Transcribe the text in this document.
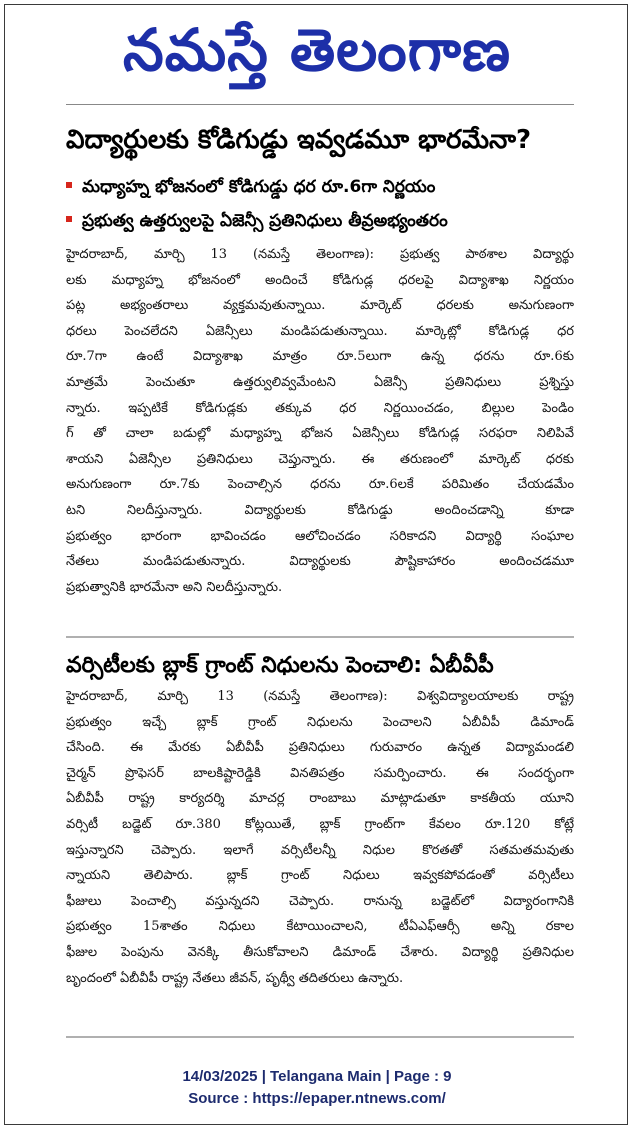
నమస్తే తెలంగాణ
విద్యార్థులకు కోడిగుడ్డు ఇవ్వడమూ భారమేనా?
మధ్యాహ్న భోజనంలో కోడిగుడ్డు ధర రూ.6గా నిర్ణయం
ప్రభుత్వ ఉత్తర్వులపై ఏజెన్సీ ప్రతినిధులు తీవ్రఅభ్యంతరం
హైదరాబాద్, మార్చి 13 (నమస్తే తెలంగాణ): ప్రభుత్వ పాఠశాల విద్యార్థు
లకు మధ్యాహ్న భోజనంలో అందించే కోడిగుడ్ల ధరలపై విద్యాశాఖ నిర్ణయం
పట్ల అభ్యంతరాలు వ్యక్తమవుతున్నాయి. మార్కెట్ ధరలకు అనుగుణంగా
ధరలు పెంచలేదని ఏజెన్సీలు మండిపడుతున్నాయి. మార్కెట్లో కోడిగుడ్ల ధర
రూ.7గా ఉంటే విద్యాశాఖ మాత్రం రూ.5లుగా ఉన్న ధరను రూ.6కు
మాత్రమే పెంచుతూ ఉత్తర్వులివ్వమేంటని ఏజెన్సీ ప్రతినిధులు ప్రశ్నిస్తు
న్నారు. ఇప్పటికే కోడిగుడ్లకు తక్కువ ధర నిర్ణయించడం, బిల్లుల పెండిం
గ్ తో చాలా బడుల్లో మధ్యాహ్న భోజన ఏజెన్సీలు కోడిగుడ్ల సరఫరా నిలిపివే
శాయని ఏజెన్సీల ప్రతినిధులు చెప్తున్నారు. ఈ తరుణంలో మార్కెట్ ధరకు
అనుగుణంగా రూ.7కు పెంచాల్సిన ధరను రూ.6లకే పరిమితం చేయడమేం
టని నిలదీస్తున్నారు. విద్యార్థులకు కోడిగుడ్డు అందించడాన్ని కూడా
ప్రభుత్వం భారంగా భావించడం ఆలోచించడం సరికాదని విద్యార్థి సంఘాల
నేతలు మండిపడుతున్నారు. విద్యార్థులకు పౌష్టికాహారం అందించడమూ
ప్రభుత్వానికి భారమేనా అని నిలదీస్తున్నారు.
వర్సిటీలకు బ్లాక్ గ్రాంట్ నిధులను పెంచాలి: ఏబీవీపీ
హైదరాబాద్, మార్చి 13 (నమస్తే తెలంగాణ): విశ్వవిద్యాలయాలకు రాష్ట్ర
ప్రభుత్వం ఇచ్చే బ్లాక్ గ్రాంట్ నిధులను పెంచాలని ఏబీవీపీ డిమాండ్
చేసింది. ఈ మేరకు ఏబీవీపీ ప్రతినిధులు గురువారం ఉన్నత విద్యామండలి
చైర్మన్ ప్రొఫెసర్ బాలకిష్టారెడ్డికి వినతిపత్రం సమర్పించారు. ఈ సందర్భంగా
ఏబీవీపీ రాష్ట్ర కార్యదర్శి మాచర్ల రాంబాబు మాట్లాడుతూ కాకతీయ యూని
వర్సిటీ బడ్జెట్ రూ.380 కోట్లయితే, బ్లాక్ గ్రాంట్‌గా కేవలం రూ.120 కోట్లే
ఇస్తున్నారని చెప్పారు. ఇలాగే వర్సిటీలన్నీ నిధుల కొరతతో సతమతమవుతు
న్నాయని తెలిపారు. బ్లాక్ గ్రాంట్ నిధులు ఇవ్వకపోవడంతో వర్సిటీలు
ఫీజులు పెంచాల్సి వస్తున్నదని చెప్పారు. రానున్న బడ్జెట్‌లో విద్యారంగానికి
ప్రభుత్వం 15శాతం నిధులు కేటాయించాలని, టీఏఎఫ్‌ఆర్సీ అన్ని రకాల
ఫీజుల పెంపును వెనక్కి తీసుకోవాలని డిమాండ్ చేశారు. విద్యార్థి ప్రతినిధుల
బృందంలో ఏబీవీపీ రాష్ట్ర నేతలు జీవన్, పృథ్వీ తదితరులు ఉన్నారు.
14/03/2025 | Telangana Main | Page : 9
Source : https://epaper.ntnews.com/
